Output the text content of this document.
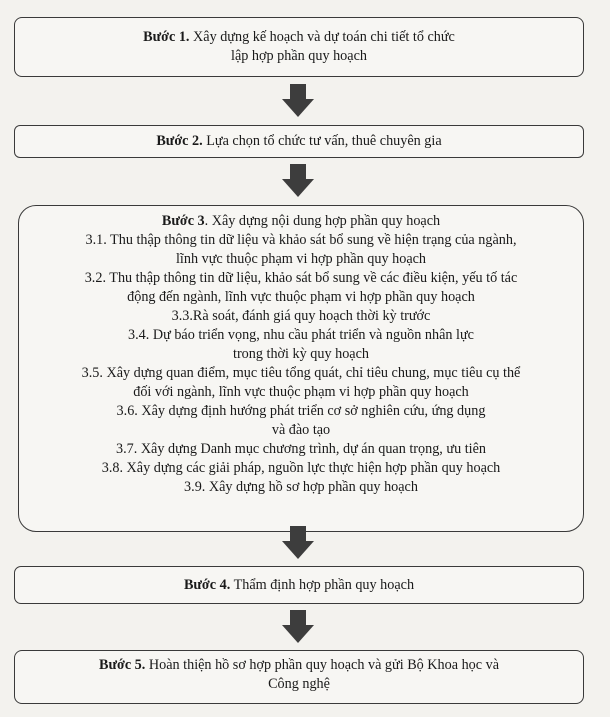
Bước 1. Xây dựng kế hoạch và dự toán chi tiết tổ chức
lập hợp phần quy hoạch
Bước 2. Lựa chọn tổ chức tư vấn, thuê chuyên gia
Bước 3. Xây dựng nội dung hợp phần quy hoạch
3.1. Thu thập thông tin dữ liệu và khảo sát bổ sung về hiện trạng của ngành,
lĩnh vực thuộc phạm vi hợp phần quy hoạch
3.2. Thu thập thông tin dữ liệu, khảo sát bổ sung về các điều kiện, yếu tố tác
động đến ngành, lĩnh vực thuộc phạm vi hợp phần quy hoạch
3.3.Rà soát, đánh giá quy hoạch thời kỳ trước
3.4. Dự báo triển vọng, nhu cầu phát triển và nguồn nhân lực
trong thời kỳ quy hoạch
3.5. Xây dựng quan điểm, mục tiêu tổng quát, chỉ tiêu chung, mục tiêu cụ thể
đối với ngành, lĩnh vực thuộc phạm vi hợp phần quy hoạch
3.6. Xây dựng định hướng phát triển cơ sở nghiên cứu, ứng dụng
và đào tạo
3.7. Xây dựng Danh mục chương trình, dự án quan trọng, ưu tiên
3.8. Xây dựng các giải pháp, nguồn lực thực hiện hợp phần quy hoạch
3.9. Xây dựng hồ sơ hợp phần quy hoạch
Bước 4. Thẩm định hợp phần quy hoạch
Bước 5. Hoàn thiện hồ sơ hợp phần quy hoạch và gửi Bộ Khoa học và
Công nghệ
